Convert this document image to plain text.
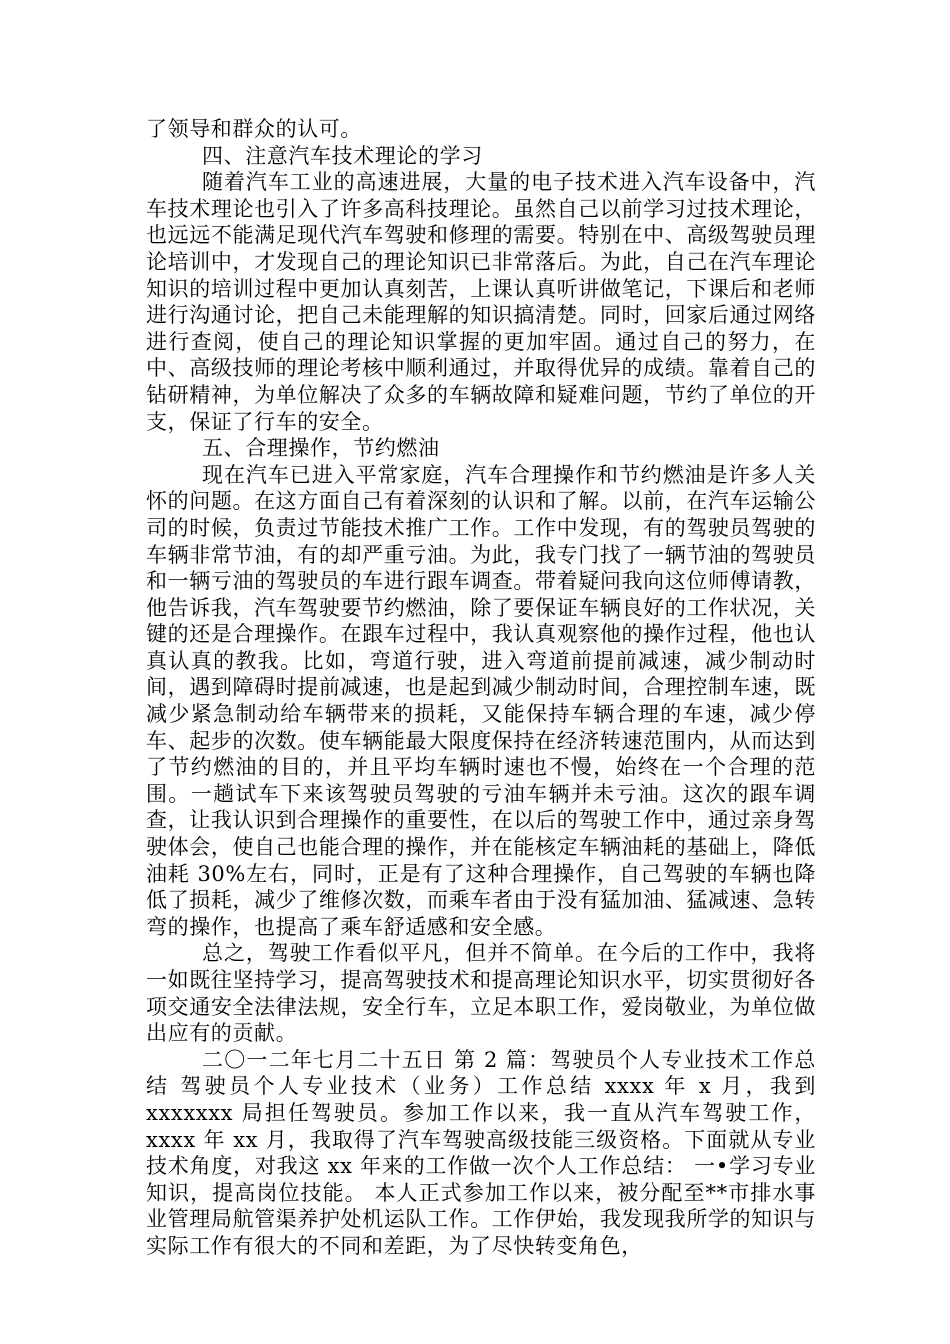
了领导和群众的认可。

四、注意汽车技术理论的学习

随着汽车工业的高速进展，大量的电子技术进入汽车设备中，汽车技术理论也引入了许多高科技理论。虽然自己以前学习过技术理论，也远远不能满足现代汽车驾驶和修理的需要。特别在中、高级驾驶员理论培训中，才发现自己的理论知识已非常落后。为此，自己在汽车理论知识的培训过程中更加认真刻苦，上课认真听讲做笔记，下课后和老师进行沟通讨论，把自己未能理解的知识搞清楚。同时，回家后通过网络进行查阅，使自己的理论知识掌握的更加牢固。通过自己的努力，在中、高级技师的理论考核中顺利通过，并取得优异的成绩。靠着自己的钻研精神，为单位解决了众多的车辆故障和疑难问题，节约了单位的开支，保证了行车的安全。

五、合理操作，节约燃油

现在汽车已进入平常家庭，汽车合理操作和节约燃油是许多人关怀的问题。在这方面自己有着深刻的认识和了解。以前，在汽车运输公司的时候，负责过节能技术推广工作。工作中发现，有的驾驶员驾驶的车辆非常节油，有的却严重亏油。为此，我专门找了一辆节油的驾驶员和一辆亏油的驾驶员的车进行跟车调查。带着疑问我向这位师傅请教，他告诉我，汽车驾驶要节约燃油，除了要保证车辆良好的工作状况，关键的还是合理操作。在跟车过程中，我认真观察他的操作过程，他也认真认真的教我。比如，弯道行驶，进入弯道前提前减速，减少制动时间，遇到障碍时提前减速，也是起到减少制动时间，合理控制车速，既减少紧急制动给车辆带来的损耗，又能保持车辆合理的车速，减少停车、起步的次数。使车辆能最大限度保持在经济转速范围内，从而达到了节约燃油的目的，并且平均车辆时速也不慢，始终在一个合理的范围。一趟试车下来该驾驶员驾驶的亏油车辆并未亏油。这次的跟车调查，让我认识到合理操作的重要性，在以后的驾驶工作中，通过亲身驾驶体会，使自己也能合理的操作，并在能核定车辆油耗的基础上，降低油耗 30%左右，同时，正是有了这种合理操作，自己驾驶的车辆也降低了损耗，减少了维修次数，而乘车者由于没有猛加油、猛减速、急转弯的操作，也提高了乘车舒适感和安全感。

总之，驾驶工作看似平凡，但并不简单。在今后的工作中，我将一如既往坚持学习，提高驾驶技术和提高理论知识水平，切实贯彻好各项交通安全法律法规，安全行车，立足本职工作，爱岗敬业，为单位做出应有的贡献。

二〇一二年七月二十五日 第 2 篇：驾驶员个人专业技术工作总结 驾驶员个人专业技术（业务）工作总结 xxxx 年 x 月，我到 xxxxxxx 局担任驾驶员。参加工作以来，我一直从汽车驾驶工作，xxxx 年 xx 月，我取得了汽车驾驶高级技能三级资格。下面就从专业技术角度，对我这 xx 年来的工作做一次个人工作总结： 一•学习专业知识，提高岗位技能。 本人正式参加工作以来，被分配至**市排水事业管理局航管渠养护处机运队工作。工作伊始，我发现我所学的知识与实际工作有很大的不同和差距，为了尽快转变角色，
